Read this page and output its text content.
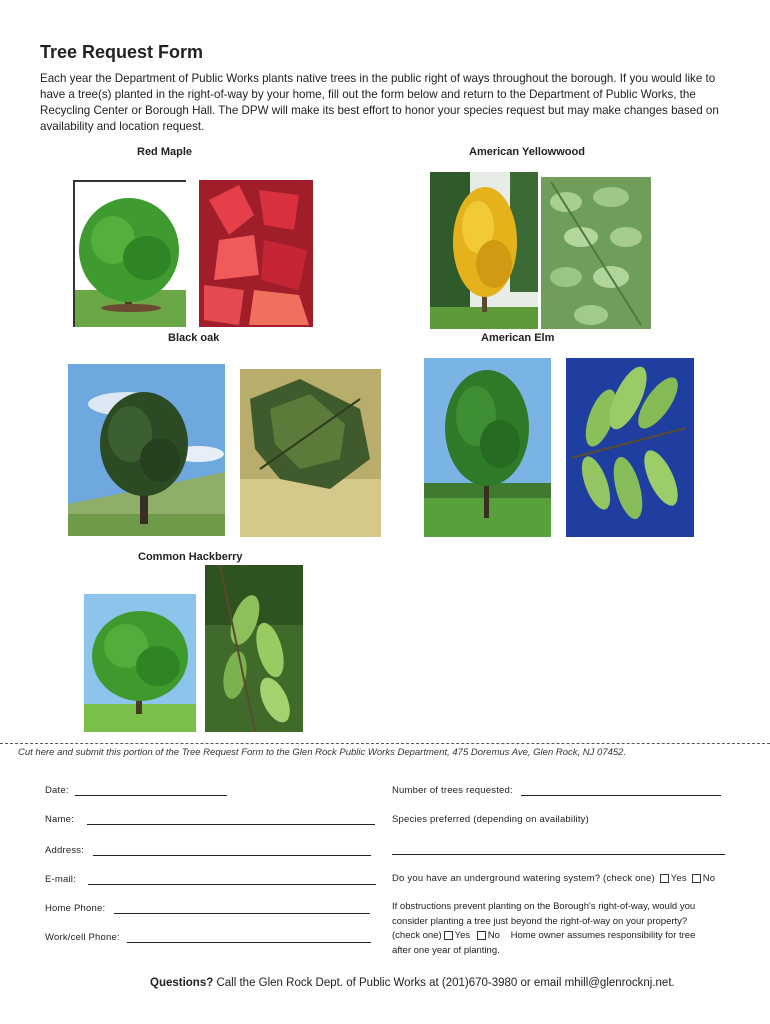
Tree Request Form
Each year the Department of Public Works plants native trees in the public right of ways throughout the borough. If you would like to have a tree(s) planted in the right-of-way by your home, fill out the form below and return to the Department of Public Works, the Recycling Center or Borough Hall. The DPW will make its best effort to honor your species request but may make changes based on availability and location request.
Red Maple	American Yellowwood
Black oak	American Elm
Common Hackberry
Cut here and submit this portion of the Tree Request Form to the Glen Rock Public Works Department, 475 Doremus Ave, Glen Rock, NJ 07452.
Date:
Name:
Address:
E-mail:
Home Phone:
Work/cell Phone:
Number of trees requested:
Species preferred (depending on availability)
Do you have an underground watering system? (check one) Yes No
If obstructions prevent planting on the Borough's right-of-way, would you
consider planting a tree just beyond the right-of-way on your property?
(check one) Yes No Home owner assumes responsibility for tree
after one year of planting.
Questions? Call the Glen Rock Dept. of Public Works at (201)670-3980 or email mhill@glenrocknj.net.
